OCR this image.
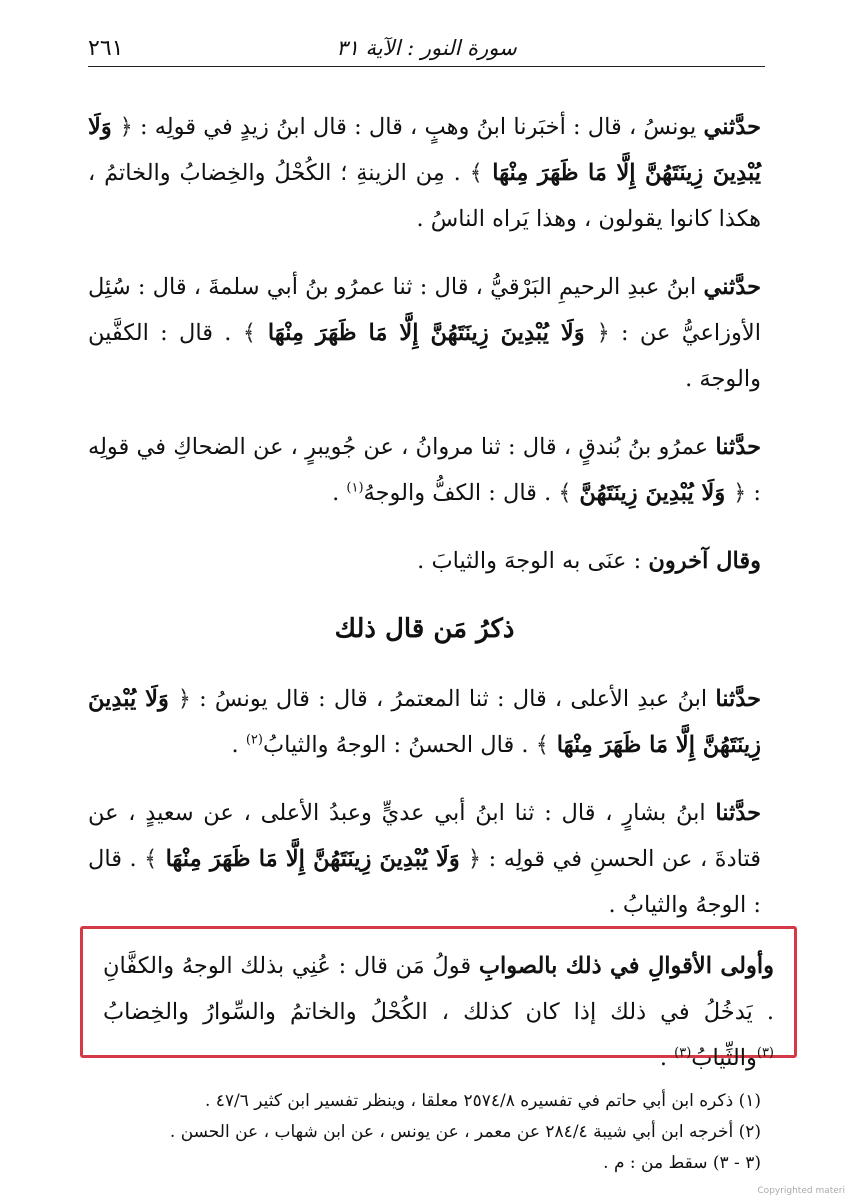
سورة النور : الآية ٣١
٢٦١

حدَّثني يونسُ ، قال : أخبَرنا ابنُ وهبٍ ، قال : قال ابنُ زيدٍ في قولِه : ﴿ وَلَا يُبْدِينَ زِينَتَهُنَّ إِلَّا مَا ظَهَرَ مِنْهَا ﴾ . مِن الزينةِ ؛ الكُحْلُ والخِضابُ والخاتمُ ، هكذا كانوا يقولون ، وهذا يَراه الناسُ .

حدَّثني ابنُ عبدِ الرحيمِ البَرْقيُّ ، قال : ثنا عمرُو بنُ أبي سلمةَ ، قال : سُئِل الأوزاعيُّ عن : ﴿ وَلَا يُبْدِينَ زِينَتَهُنَّ إِلَّا مَا ظَهَرَ مِنْهَا ﴾ . قال : الكفَّين والوجهَ .

حدَّثنا عمرُو بنُ بُندقٍ ، قال : ثنا مروانُ ، عن جُويبرٍ ، عن الضحاكِ في قولِه : ﴿ وَلَا يُبْدِينَ زِينَتَهُنَّ ﴾ . قال : الكفُّ والوجهُ$^{(١)}$ .

وقال آخرون : عنَى به الوجهَ والثيابَ .

ذكرُ مَن قال ذلك

حدَّثنا ابنُ عبدِ الأعلى ، قال : ثنا المعتمرُ ، قال : قال يونسُ : ﴿ وَلَا يُبْدِينَ زِينَتَهُنَّ إِلَّا مَا ظَهَرَ مِنْهَا ﴾ . قال الحسنُ : الوجهُ والثيابُ$^{(٢)}$ .

حدَّثنا ابنُ بشارٍ ، قال : ثنا ابنُ أبي عديٍّ وعبدُ الأعلى ، عن سعيدٍ ، عن قتادةَ ، عن الحسنِ في قولِه : ﴿ وَلَا يُبْدِينَ زِينَتَهُنَّ إِلَّا مَا ظَهَرَ مِنْهَا ﴾ . قال : الوجهُ والثيابُ .

وأولى الأقوالِ في ذلك بالصوابِ قولُ مَن قال : عُنِي بذلك الوجهُ والكفَّانِ . يَدخُلُ في ذلك إذا كان كذلك ، الكُحْلُ والخاتمُ والسِّوارُ والخِضابُ $^{(٣)}$والثِّيابُ$^{(٣)}$ .

(١) ذكره ابن أبي حاتم في تفسيره ٢٥٧٤/٨ معلقا ، وينظر تفسير ابن كثير ٤٧/٦ .

(٢) أخرجه ابن أبي شيبة ٢٨٤/٤ عن معمر ، عن يونس ، عن ابن شهاب ، عن الحسن .

(٣ - ٣) سقط من : م .

Copyrighted materi
